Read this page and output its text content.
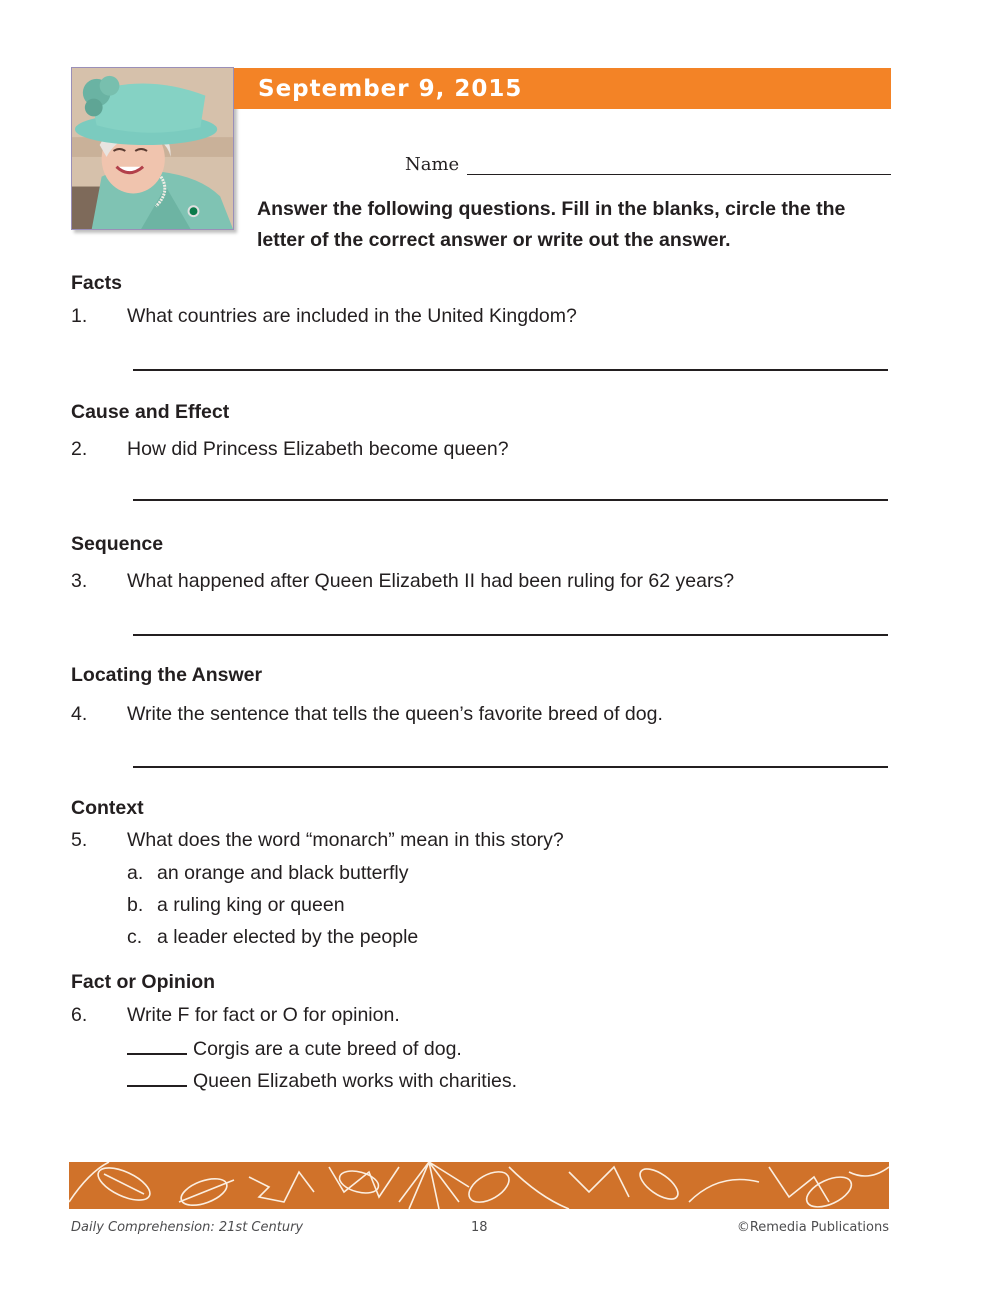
September 9, 2015
Name
Answer the following questions. Fill in the blanks, circle the the letter of the correct answer or write out the answer.
Facts
1. What countries are included in the United Kingdom?
Cause and Effect
2. How did Princess Elizabeth become queen?
Sequence
3. What happened after Queen Elizabeth II had been ruling for 62 years?
Locating the Answer
4. Write the sentence that tells the queen’s favorite breed of dog.
Context
5. What does the word “monarch” mean in this story?
a. an orange and black butterfly
b. a ruling king or queen
c. a leader elected by the people
Fact or Opinion
6. Write F for fact or O for opinion.
Corgis are a cute breed of dog.
Queen Elizabeth works with charities.
Daily Comprehension: 21st Century	18	©Remedia Publications
